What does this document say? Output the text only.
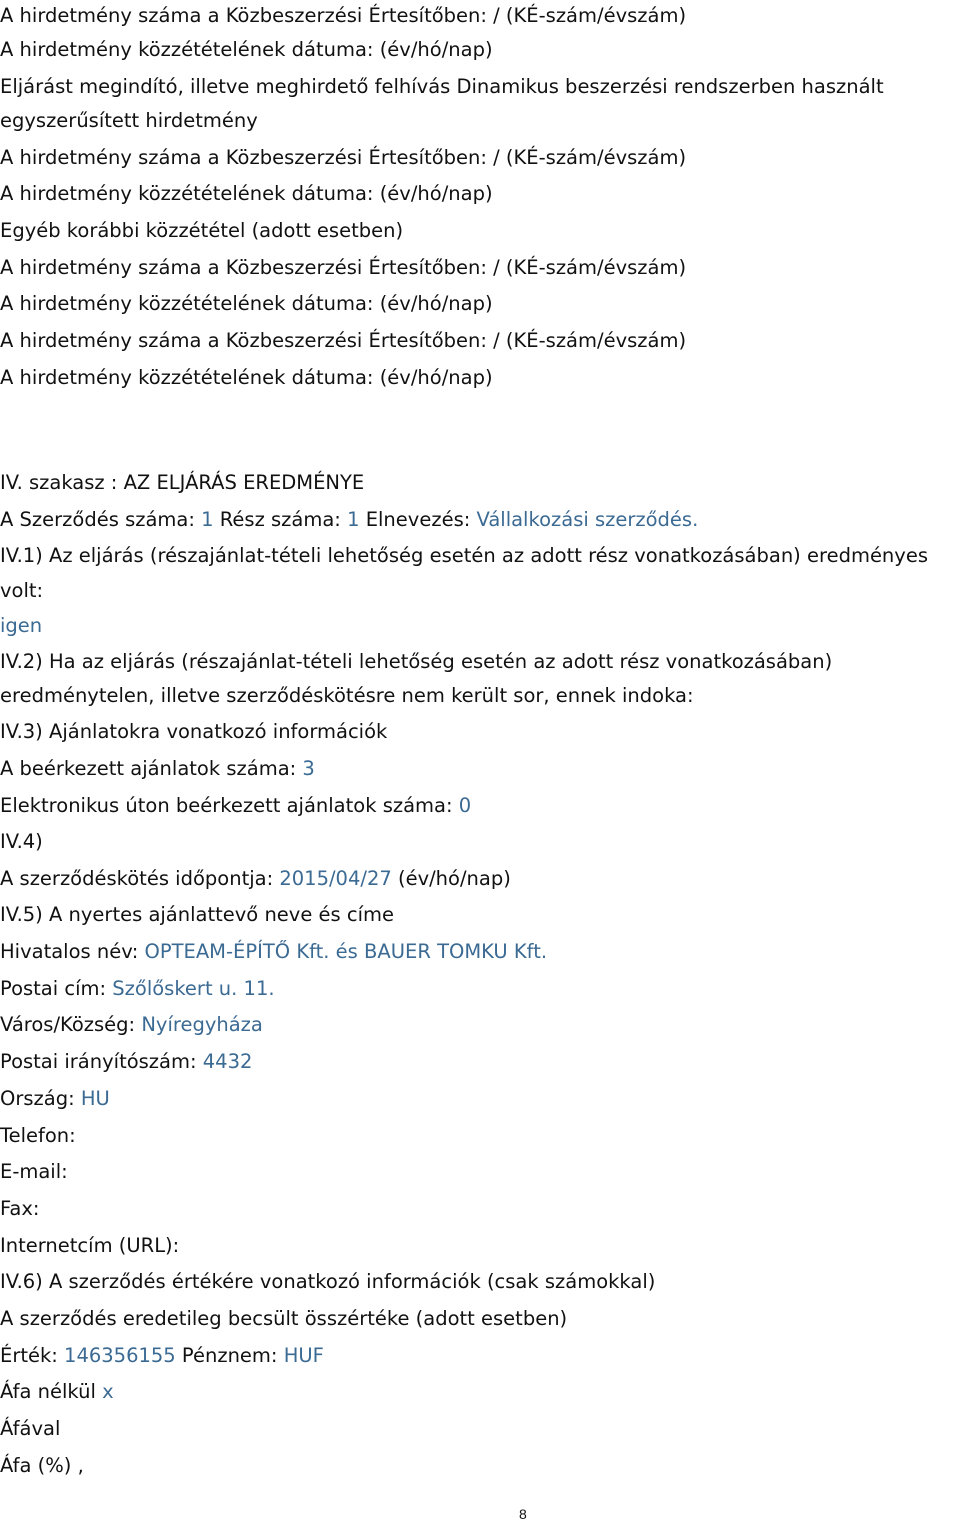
A hirdetmény száma a Közbeszerzési Értesítőben: / (KÉ-szám/évszám)
A hirdetmény közzétételének dátuma: (év/hó/nap)
Eljárást megindító, illetve meghirdető felhívás Dinamikus beszerzési rendszerben használt
egyszerűsített hirdetmény
A hirdetmény száma a Közbeszerzési Értesítőben: / (KÉ-szám/évszám)
A hirdetmény közzétételének dátuma: (év/hó/nap)
Egyéb korábbi közzététel (adott esetben)
A hirdetmény száma a Közbeszerzési Értesítőben: / (KÉ-szám/évszám)
A hirdetmény közzétételének dátuma: (év/hó/nap)
A hirdetmény száma a Közbeszerzési Értesítőben: / (KÉ-szám/évszám)
A hirdetmény közzétételének dátuma: (év/hó/nap)
IV. szakasz : AZ ELJÁRÁS EREDMÉNYE
A Szerződés száma: 1 Rész száma: 1 Elnevezés: Vállalkozási szerződés.
IV.1) Az eljárás (részajánlat-tételi lehetőség esetén az adott rész vonatkozásában) eredményes
volt:
igen
IV.2) Ha az eljárás (részajánlat-tételi lehetőség esetén az adott rész vonatkozásában)
eredménytelen, illetve szerződéskötésre nem került sor, ennek indoka:
IV.3) Ajánlatokra vonatkozó információk
A beérkezett ajánlatok száma: 3
Elektronikus úton beérkezett ajánlatok száma: 0
IV.4)
A szerződéskötés időpontja: 2015/04/27 (év/hó/nap)
IV.5) A nyertes ajánlattevő neve és címe
Hivatalos név: OPTEAM-ÉPÍTŐ Kft. és BAUER TOMKU Kft.
Postai cím: Szőlőskert u. 11.
Város/Község: Nyíregyháza
Postai irányítószám: 4432
Ország: HU
Telefon:
E-mail:
Fax:
Internetcím (URL):
IV.6) A szerződés értékére vonatkozó információk (csak számokkal)
A szerződés eredetileg becsült összértéke (adott esetben)
Érték: 146356155 Pénznem: HUF
Áfa nélkül x
Áfával
Áfa (%) ,
8
